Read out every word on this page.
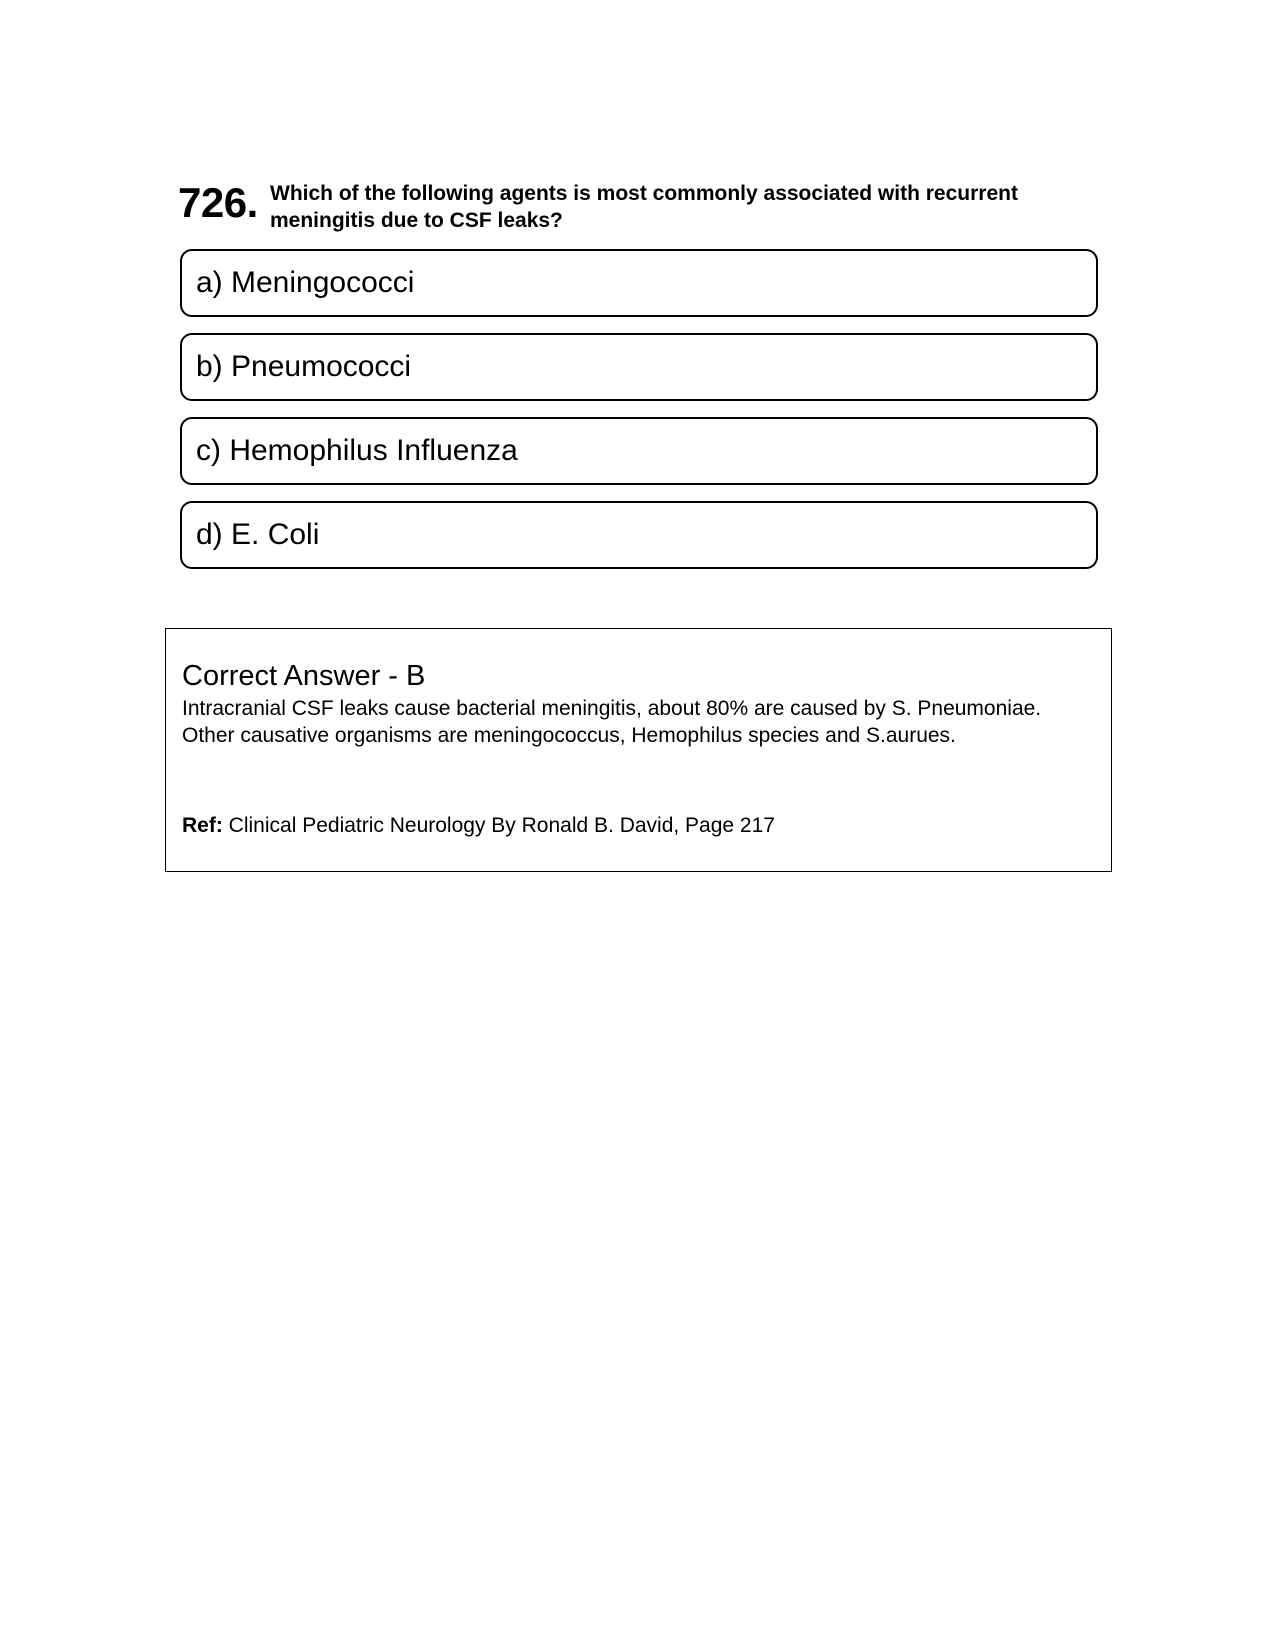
726. Which of the following agents is most commonly associated with recurrent meningitis due to CSF leaks?
a) Meningococci
b) Pneumococci
c) Hemophilus Influenza
d) E. Coli
Correct Answer - B
Intracranial CSF leaks cause bacterial meningitis, about 80% are caused by S. Pneumoniae. Other causative organisms are meningococcus, Hemophilus species and S.aurues.
Ref: Clinical Pediatric Neurology By Ronald B. David, Page 217
